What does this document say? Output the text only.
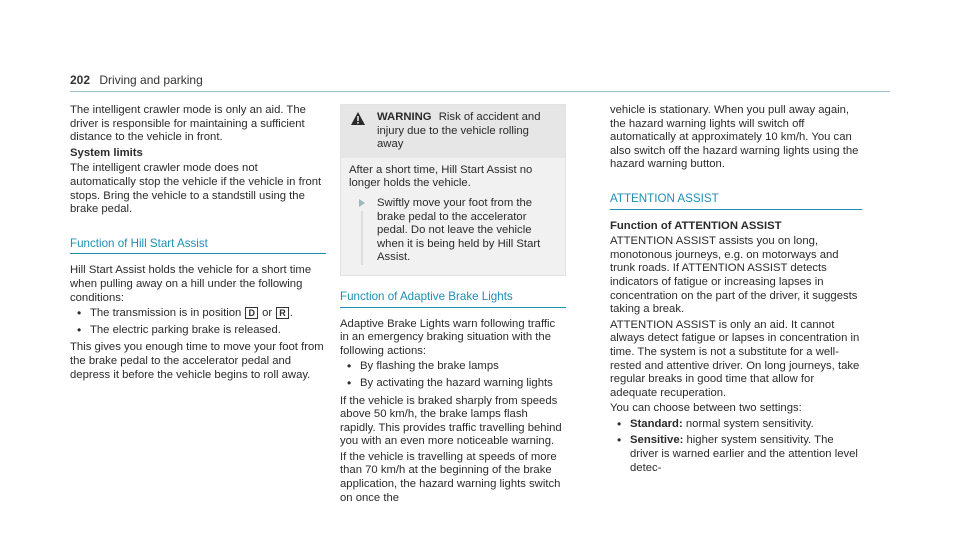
202 Driving and parking

The intelligent crawler mode is only an aid. The driver is responsible for maintaining a sufficient distance to the vehicle in front.

System limits

The intelligent crawler mode does not automatically stop the vehicle if the vehicle in front stops. Bring the vehicle to a standstill using the brake pedal.

Function of Hill Start Assist

Hill Start Assist holds the vehicle for a short time when pulling away on a hill under the following conditions:

• The transmission is in position D or R .
• The electric parking brake is released.

This gives you enough time to move your foot from the brake pedal to the accelerator pedal and depress it before the vehicle begins to roll away.

WARNING Risk of accident and injury due to the vehicle rolling away

After a short time, Hill Start Assist no longer holds the vehicle.

Swiftly move your foot from the brake pedal to the accelerator pedal. Do not leave the vehicle when it is being held by Hill Start Assist.
Function of Adaptive Brake Lights

Adaptive Brake Lights warn following traffic in an emergency braking situation with the following actions:

• By flashing the brake lamps
• By activating the hazard warning lights

If the vehicle is braked sharply from speeds above 50 km/h, the brake lamps flash rapidly. This provides traffic travelling behind you with an even more noticeable warning.

If the vehicle is travelling at speeds of more than 70 km/h at the beginning of the brake application, the hazard warning lights switch on once the

vehicle is stationary. When you pull away again, the hazard warning lights will switch off automatically at approximately 10 km/h. You can also switch off the hazard warning lights using the hazard warning button.

ATTENTION ASSIST

Function of ATTENTION ASSIST

ATTENTION ASSIST assists you on long, monotonous journeys, e.g. on motorways and trunk roads. If ATTENTION ASSIST detects indicators of fatigue or increasing lapses in concentration on the part of the driver, it suggests taking a break.

ATTENTION ASSIST is only an aid. It cannot always detect fatigue or lapses in concentration in time. The system is not a substitute for a well-rested and attentive driver. On long journeys, take regular breaks in good time that allow for adequate recuperation.

You can choose between two settings:

• Standard: normal system sensitivity.
• Sensitive: higher system sensitivity. The driver is warned earlier and the attention level detec-
